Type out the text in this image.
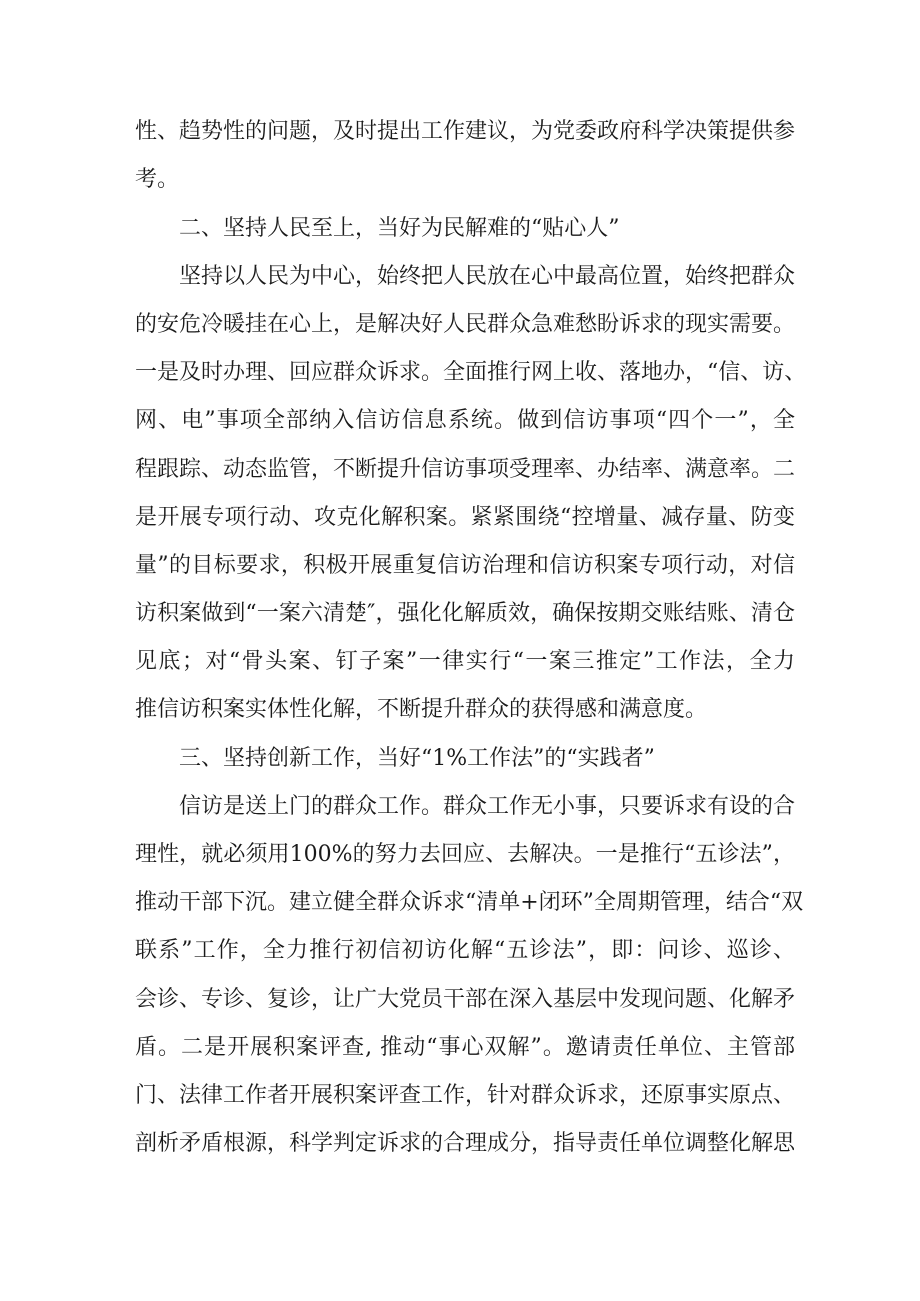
性、趋势性的问题，及时提出工作建议，为党委政府科学决策提供参
考。
二、坚持人民至上，当好为民解难的“贴心人”
坚持以人民为中心，始终把人民放在心中最高位置，始终把群众
的安危冷暖挂在心上，是解决好人民群众急难愁盼诉求的现实需要。
一是及时办理、回应群众诉求。全面推行网上收、落地办，“信、访、
网、电”事项全部纳入信访信息系统。做到信访事项“四个一”，全
程跟踪、动态监管，不断提升信访事项受理率、办结率、满意率。二
是开展专项行动、攻克化解积案。紧紧围绕“控增量、减存量、防变
量”的目标要求，积极开展重复信访治理和信访积案专项行动，对信
访积案做到“一案六清楚″，强化化解质效，确保按期交账结账、清仓
见底；对“骨头案、钉子案”一律实行“一案三推定”工作法，全力
推信访积案实体性化解，不断提升群众的获得感和满意度。
三、坚持创新工作，当好“1%工作法”的“实践者”
信访是送上门的群众工作。群众工作无小事，只要诉求有设的合
理性，就必须用100%的努力去回应、去解决。一是推行“五诊法”，
推动干部下沉。建立健全群众诉求“清单+闭环”全周期管理，结合“双
联系”工作，全力推行初信初访化解“五诊法”，即：问诊、巡诊、
会诊、专诊、复诊，让广大党员干部在深入基层中发现问题、化解矛
盾。二是开展积案评查, 推动“事心双解”。邀请责任单位、主管部
门、法律工作者开展积案评查工作，针对群众诉求，还原事实原点、
剖析矛盾根源，科学判定诉求的合理成分，指导责任单位调整化解思
